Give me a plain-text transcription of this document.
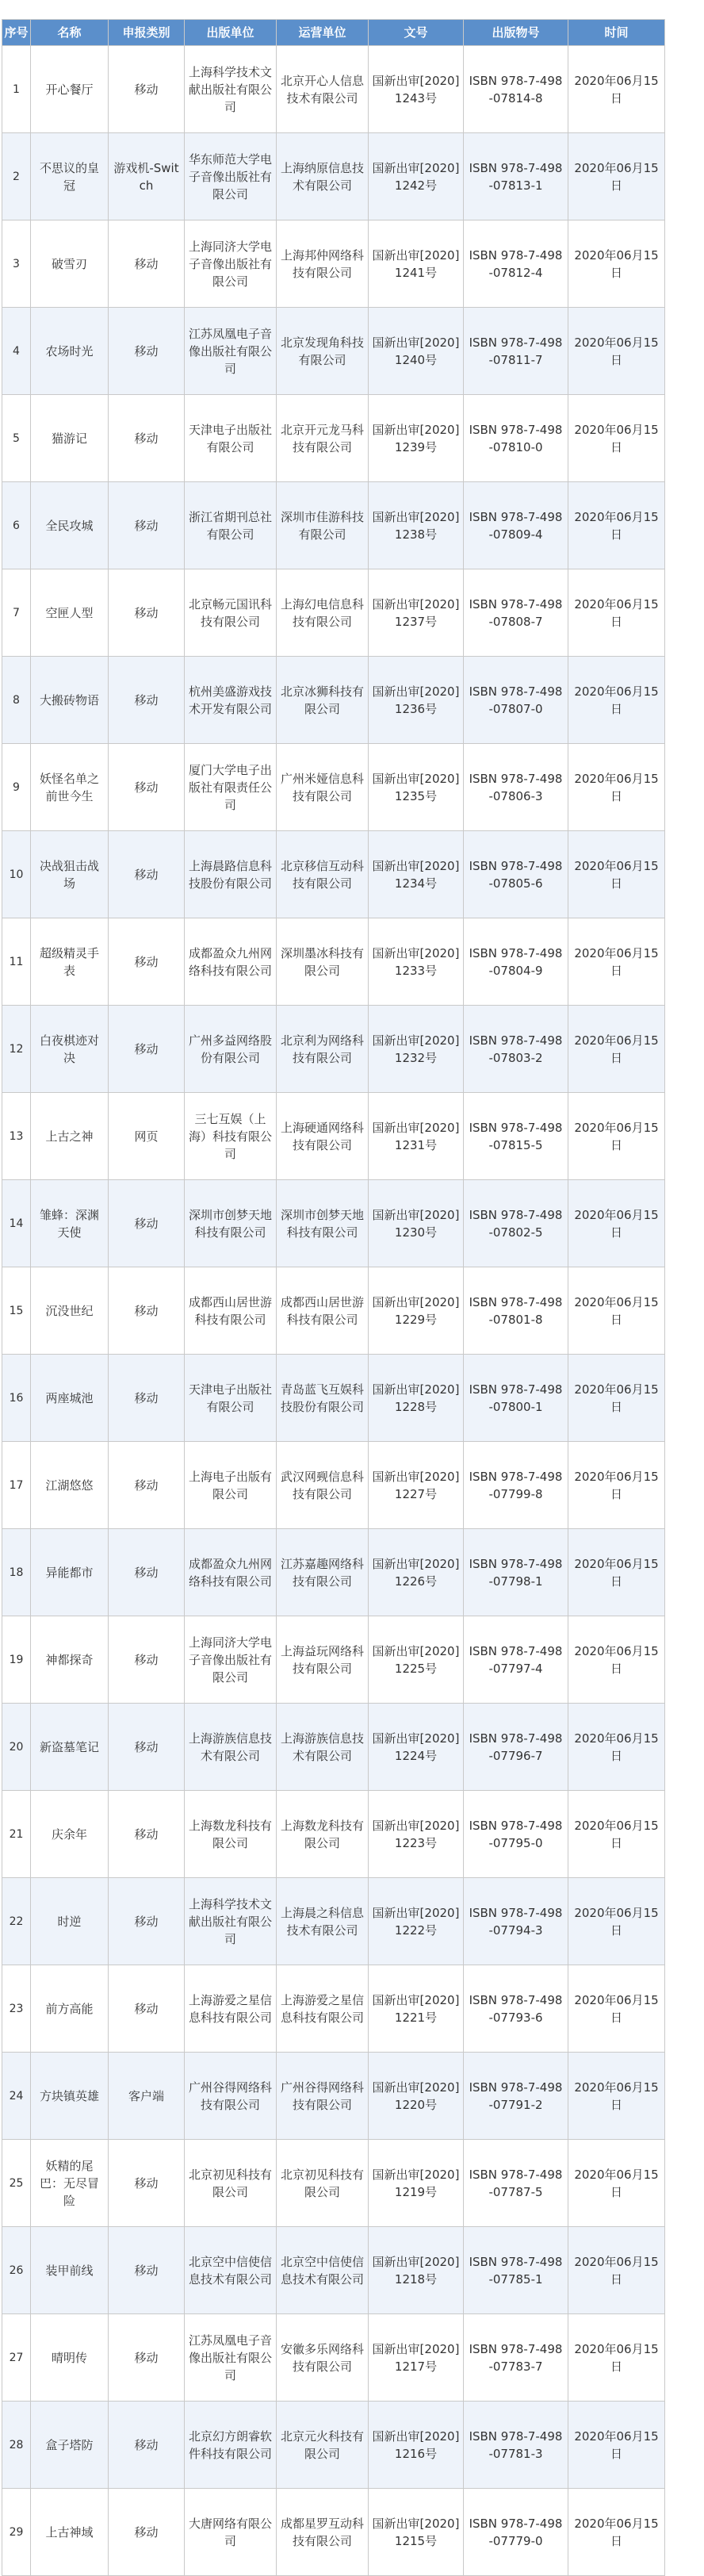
序号	名称	申报类别	出版单位	运营单位	文号	出版物号	时间
1	开心餐厅	移动	上海科学技术文献出版社有限公司	北京开心人信息技术有限公司	国新出审[2020]1243号	ISBN 978-7-498-07814-8	2020年06月15日
2	不思议的皇冠	游戏机-Switch	华东师范大学电子音像出版社有限公司	上海纳原信息技术有限公司	国新出审[2020]1242号	ISBN 978-7-498-07813-1	2020年06月15日
3	破雪刃	移动	上海同济大学电子音像出版社有限公司	上海邦仲网络科技有限公司	国新出审[2020]1241号	ISBN 978-7-498-07812-4	2020年06月15日
4	农场时光	移动	江苏凤凰电子音像出版社有限公司	北京发现角科技有限公司	国新出审[2020]1240号	ISBN 978-7-498-07811-7	2020年06月15日
5	猫游记	移动	天津电子出版社有限公司	北京开元龙马科技有限公司	国新出审[2020]1239号	ISBN 978-7-498-07810-0	2020年06月15日
6	全民攻城	移动	浙江省期刊总社有限公司	深圳市佳游科技有限公司	国新出审[2020]1238号	ISBN 978-7-498-07809-4	2020年06月15日
7	空匣人型	移动	北京畅元国讯科技有限公司	上海幻电信息科技有限公司	国新出审[2020]1237号	ISBN 978-7-498-07808-7	2020年06月15日
8	大搬砖物语	移动	杭州美盛游戏技术开发有限公司	北京冰狮科技有限公司	国新出审[2020]1236号	ISBN 978-7-498-07807-0	2020年06月15日
9	妖怪名单之前世今生	移动	厦门大学电子出版社有限责任公司	广州米娅信息科技有限公司	国新出审[2020]1235号	ISBN 978-7-498-07806-3	2020年06月15日
10	决战狙击战场	移动	上海晨路信息科技股份有限公司	北京移信互动科技有限公司	国新出审[2020]1234号	ISBN 978-7-498-07805-6	2020年06月15日
11	超级精灵手表	移动	成都盈众九州网络科技有限公司	深圳墨冰科技有限公司	国新出审[2020]1233号	ISBN 978-7-498-07804-9	2020年06月15日
12	白夜棋迹对决	移动	广州多益网络股份有限公司	北京利为网络科技有限公司	国新出审[2020]1232号	ISBN 978-7-498-07803-2	2020年06月15日
13	上古之神	网页	三七互娱（上海）科技有限公司	上海硬通网络科技有限公司	国新出审[2020]1231号	ISBN 978-7-498-07815-5	2020年06月15日
14	雏蜂：深渊天使	移动	深圳市创梦天地科技有限公司	深圳市创梦天地科技有限公司	国新出审[2020]1230号	ISBN 978-7-498-07802-5	2020年06月15日
15	沉没世纪	移动	成都西山居世游科技有限公司	成都西山居世游科技有限公司	国新出审[2020]1229号	ISBN 978-7-498-07801-8	2020年06月15日
16	两座城池	移动	天津电子出版社有限公司	青岛蓝飞互娱科技股份有限公司	国新出审[2020]1228号	ISBN 978-7-498-07800-1	2020年06月15日
17	江湖悠悠	移动	上海电子出版有限公司	武汉网觋信息科技有限公司	国新出审[2020]1227号	ISBN 978-7-498-07799-8	2020年06月15日
18	异能都市	移动	成都盈众九州网络科技有限公司	江苏嘉趣网络科技有限公司	国新出审[2020]1226号	ISBN 978-7-498-07798-1	2020年06月15日
19	神都探奇	移动	上海同济大学电子音像出版社有限公司	上海益玩网络科技有限公司	国新出审[2020]1225号	ISBN 978-7-498-07797-4	2020年06月15日
20	新盗墓笔记	移动	上海游族信息技术有限公司	上海游族信息技术有限公司	国新出审[2020]1224号	ISBN 978-7-498-07796-7	2020年06月15日
21	庆余年	移动	上海数龙科技有限公司	上海数龙科技有限公司	国新出审[2020]1223号	ISBN 978-7-498-07795-0	2020年06月15日
22	时逆	移动	上海科学技术文献出版社有限公司	上海晨之科信息技术有限公司	国新出审[2020]1222号	ISBN 978-7-498-07794-3	2020年06月15日
23	前方高能	移动	上海游爱之星信息科技有限公司	上海游爱之星信息科技有限公司	国新出审[2020]1221号	ISBN 978-7-498-07793-6	2020年06月15日
24	方块镇英雄	客户端	广州谷得网络科技有限公司	广州谷得网络科技有限公司	国新出审[2020]1220号	ISBN 978-7-498-07791-2	2020年06月15日
25	妖精的尾巴：无尽冒险	移动	北京初见科技有限公司	北京初见科技有限公司	国新出审[2020]1219号	ISBN 978-7-498-07787-5	2020年06月15日
26	装甲前线	移动	北京空中信使信息技术有限公司	北京空中信使信息技术有限公司	国新出审[2020]1218号	ISBN 978-7-498-07785-1	2020年06月15日
27	晴明传	移动	江苏凤凰电子音像出版社有限公司	安徽多乐网络科技有限公司	国新出审[2020]1217号	ISBN 978-7-498-07783-7	2020年06月15日
28	盒子塔防	移动	北京幻方朗睿软件科技有限公司	北京元火科技有限公司	国新出审[2020]1216号	ISBN 978-7-498-07781-3	2020年06月15日
29	上古神域	移动	大唐网络有限公司	成都星罗互动科技有限公司	国新出审[2020]1215号	ISBN 978-7-498-07779-0	2020年06月15日
